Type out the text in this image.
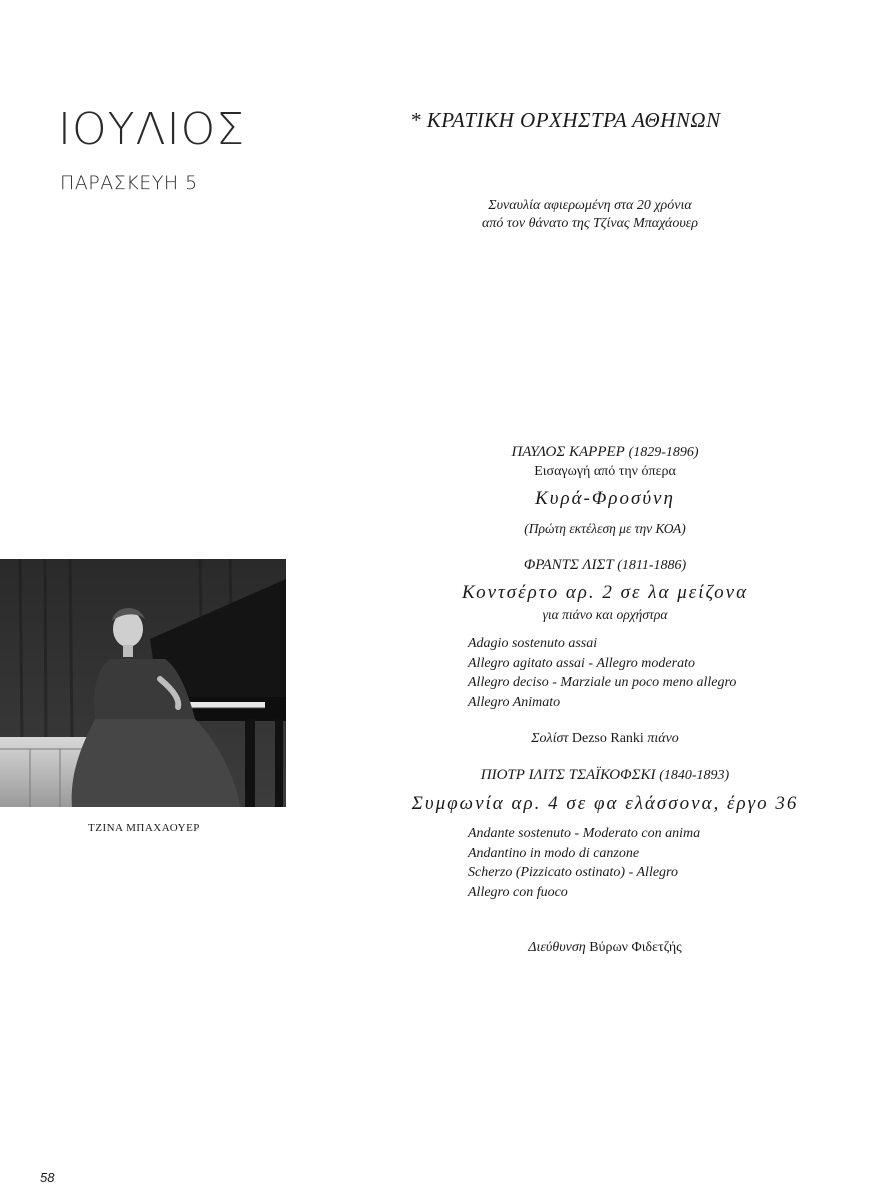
ΙΟΥΛΙΟΣ
ΠΑΡΑΣΚΕΥΗ 5
* ΚΡΑΤΙΚΗ ΟΡΧΗΣΤΡΑ ΑΘΗΝΩΝ
Συναυλία αφιερωμένη στα 20 χρόνια
από τον θάνατο της Τζίνας Μπαχάουερ
ΠΑΥΛΟΣ ΚΑΡΡΕΡ (1829-1896)
Εισαγωγή από την όπερα
Κυρά-Φροσύνη
(Πρώτη εκτέλεση με την ΚΟΑ)
ΦΡΑΝΤΣ ΛΙΣΤ (1811-1886)
Κοντσέρτο αρ. 2 σε λα μείζονα
για πιάνο και ορχήστρα
Adagio sostenuto assai
Allegro agitato assai - Allegro moderato
Allegro deciso - Marziale un poco meno allegro
Allegro Animato
Σολίστ Dezso Ranki πιάνο
ΠΙΟΤΡ ΙΛΙΤΣ ΤΣΑΪΚΟΦΣΚΙ (1840-1893)
Συμφωνία αρ. 4 σε φα ελάσσονα, έργο 36
Andante sostenuto - Moderato con anima
Andantino in modo di canzone
Scherzo (Pizzicato ostinato) - Allegro
Allegro con fuoco
Διεύθυνση Βύρων Φιδετζής
ΤΖΙΝΑ ΜΠΑΧΑΟΥΕΡ
58
